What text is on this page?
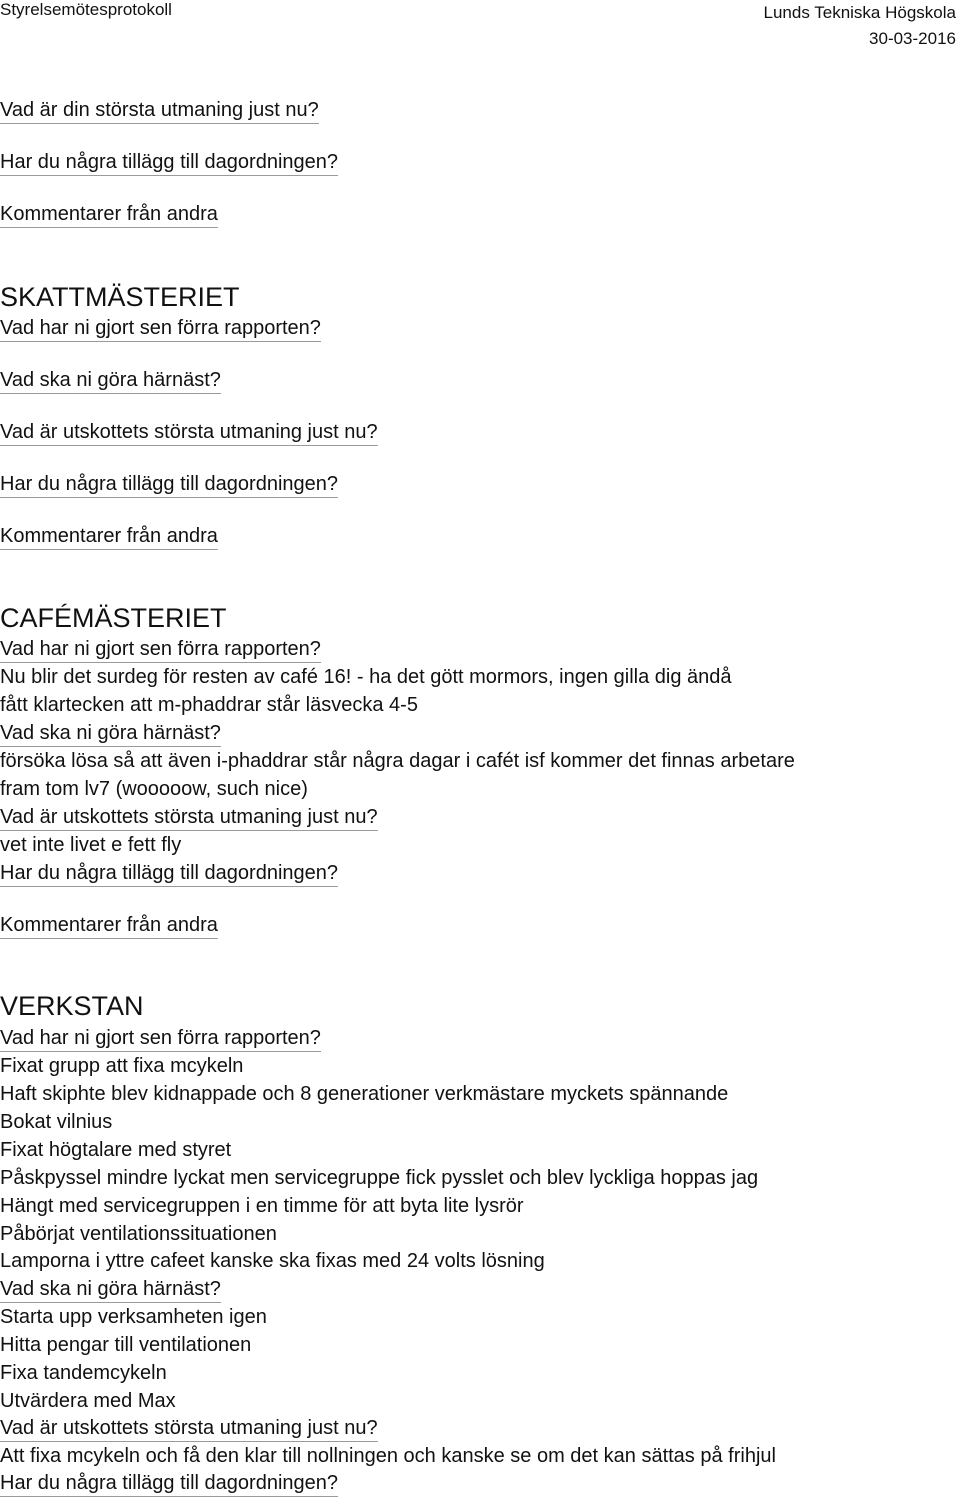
Styrelsemötesprotokoll	Lunds Tekniska Högskola
30-03-2016
Vad är din största utmaning just nu?
Har du några tillägg till dagordningen?
Kommentarer från andra
SKATTMÄSTERIET
Vad har ni gjort sen förra rapporten?
Vad ska ni göra härnäst?
Vad är utskottets största utmaning just nu?
Har du några tillägg till dagordningen?
Kommentarer från andra
CAFÉMÄSTERIET
Vad har ni gjort sen förra rapporten?
Nu blir det surdeg för resten av café 16! - ha det gött mormors, ingen gilla dig ändå
fått klartecken att m-phaddrar står läsvecka 4-5
Vad ska ni göra härnäst?
försöka lösa så att även i-phaddrar står några dagar i cafét isf kommer det finnas arbetare
fram tom lv7 (wooooow, such nice)
Vad är utskottets största utmaning just nu?
vet inte livet e fett fly
Har du några tillägg till dagordningen?
Kommentarer från andra
VERKSTAN
Vad har ni gjort sen förra rapporten?
Fixat grupp att fixa mcykeln
Haft skiphte blev kidnappade och 8 generationer verkmästare myckets spännande
Bokat vilnius
Fixat högtalare med styret
Påskpyssel mindre lyckat men servicegruppe fick pysslet och blev lyckliga hoppas jag
Hängt med servicegruppen i en timme för att byta lite lysrör
Påbörjat ventilationssituationen
Lamporna i yttre cafeet kanske ska fixas med 24 volts lösning
Vad ska ni göra härnäst?
Starta upp verksamheten igen
Hitta pengar till ventilationen
Fixa tandemcykeln
Utvärdera med Max
Vad är utskottets största utmaning just nu?
Att fixa mcykeln och få den klar till nollningen och kanske se om det kan sättas på frihjul
Har du några tillägg till dagordningen?
